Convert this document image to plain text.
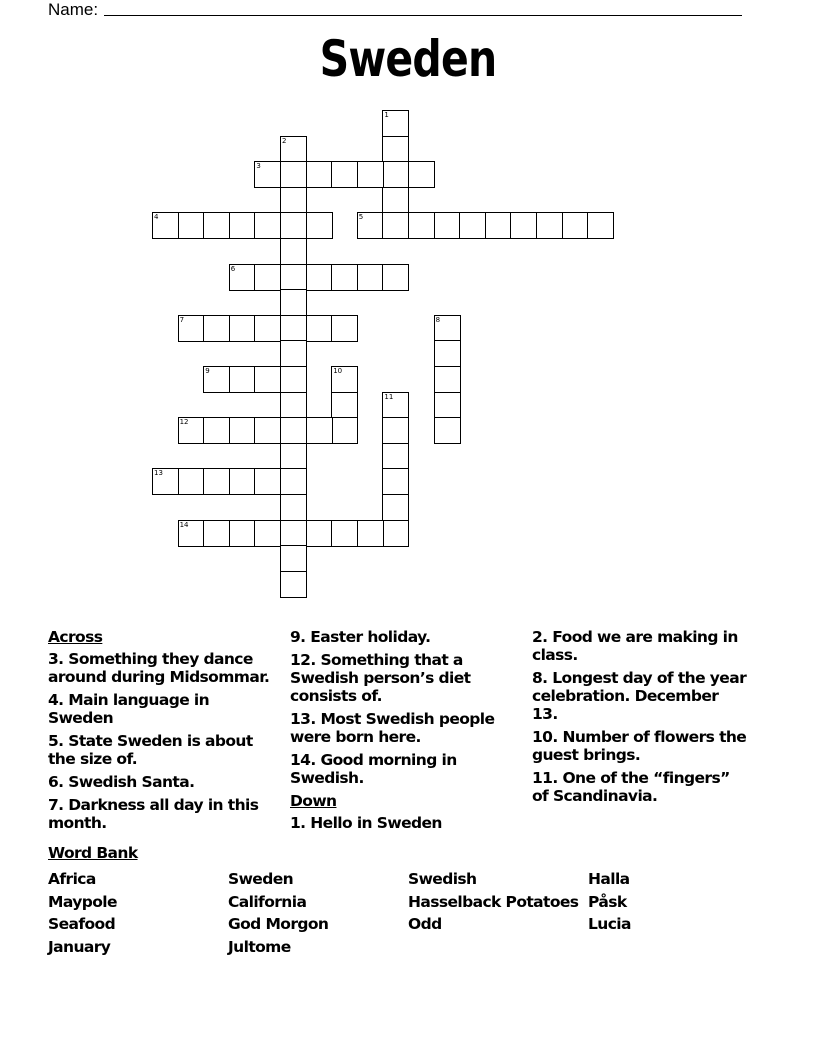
Name:
Sweden
1
2
3
4	5
6
7	8
9	10
11
12
13
14
Across
3. Something they dance around during Midsommar.
4. Main language in Sweden
5. State Sweden is about the size of.
6. Swedish Santa.
7. Darkness all day in this month.
9. Easter holiday.
12. Something that a Swedish person’s diet consists of.
13. Most Swedish people were born here.
14. Good morning in Swedish.
Down
1. Hello in Sweden
2. Food we are making in class.
8. Longest day of the year celebration. December 13.
10. Number of flowers the guest brings.
11. One of the “fingers” of Scandinavia.
Word Bank
Africa
Maypole
Seafood
January
Sweden
California
God Morgon
Jultome
Swedish
Hasselback Potatoes
Odd
Halla
Påsk
Lucia
